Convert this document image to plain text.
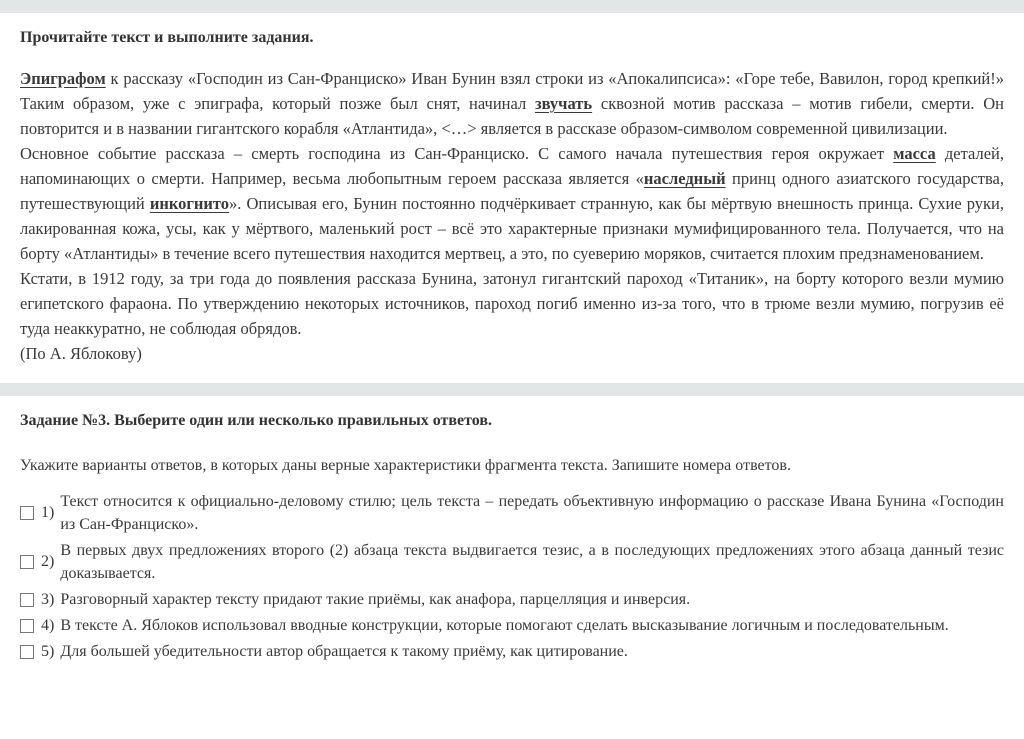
Прочитайте текст и выполните задания.

Эпиграфом к рассказу «Господин из Сан-Франциско» Иван Бунин взял строки из «Апокалипсиса»: «Горе тебе, Вавилон, город крепкий!» Таким образом, уже с эпиграфа, который позже был снят, начинал звучать сквозной мотив рассказа – мотив гибели, смерти. Он повторится и в названии гигантского корабля «Атлантида», <…> является в рассказе образом-символом современной цивилизации.

Основное событие рассказа – смерть господина из Сан-Франциско. С самого начала путешествия героя окружает масса деталей, напоминающих о смерти. Например, весьма любопытным героем рассказа является «наследный принц одного азиатского государства, путешествующий инкогнито». Описывая его, Бунин постоянно подчёркивает странную, как бы мёртвую внешность принца. Сухие руки, лакированная кожа, усы, как у мёртвого, маленький рост – всё это характерные признаки мумифицированного тела. Получается, что на борту «Атлантиды» в течение всего путешествия находится мертвец, а это, по суеверию моряков, считается плохим предзнаменованием.

Кстати, в 1912 году, за три года до появления рассказа Бунина, затонул гигантский пароход «Титаник», на борту которого везли мумию египетского фараона. По утверждению некоторых источников, пароход погиб именно из-за того, что в трюме везли мумию, погрузив её туда неаккуратно, не соблюдая обрядов.

(По А. Яблокову)

Задание №3. Выберите один или несколько правильных ответов.

Укажите варианты ответов, в которых даны верные характеристики фрагмента текста. Запишите номера ответов.

1)
Текст относится к официально-деловому стилю; цель текста – передать объективную информацию о рассказе Ивана Бунина «Господин из Сан-Франциско».
2)
В первых двух предложениях второго (2) абзаца текста выдвигается тезис, а в последующих предложениях этого абзаца данный тезис доказывается.
3) Разговорный характер тексту придают такие приёмы, как анафора, парцелляция и инверсия.
4) В тексте А. Яблоков использовал вводные конструкции, которые помогают сделать высказывание логичным и последовательным.
5) Для большей убедительности автор обращается к такому приёму, как цитирование.
